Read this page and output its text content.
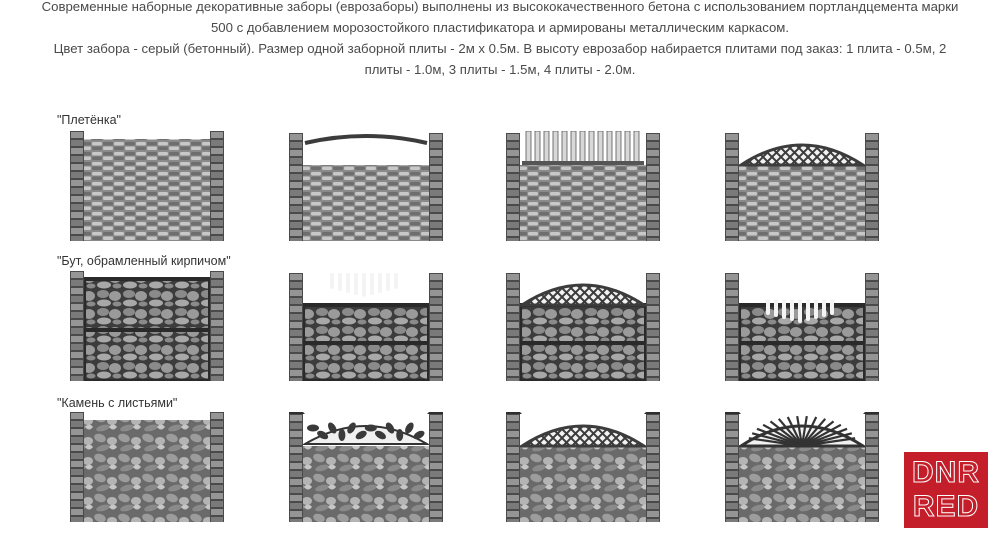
Современные наборные декоративные заборы (еврозаборы) выполнены из высококачественного бетона с использованием портландцемента марки 500 с добавлением морозостойкого пластификатора и армированы металлическим каркасом.

Цвет забора - серый (бетонный). Размер одной заборной плиты - 2м х 0.5м. В высоту еврозабор набирается плитами под заказ: 1 плита - 0.5м, 2 плиты - 1.0м, 3 плиты - 1.5м, 4 плиты - 2.0м.

"Плетёнка"
"Бут, обрамленный кирпичом"
"Камень с листьями"
DNR
RED
